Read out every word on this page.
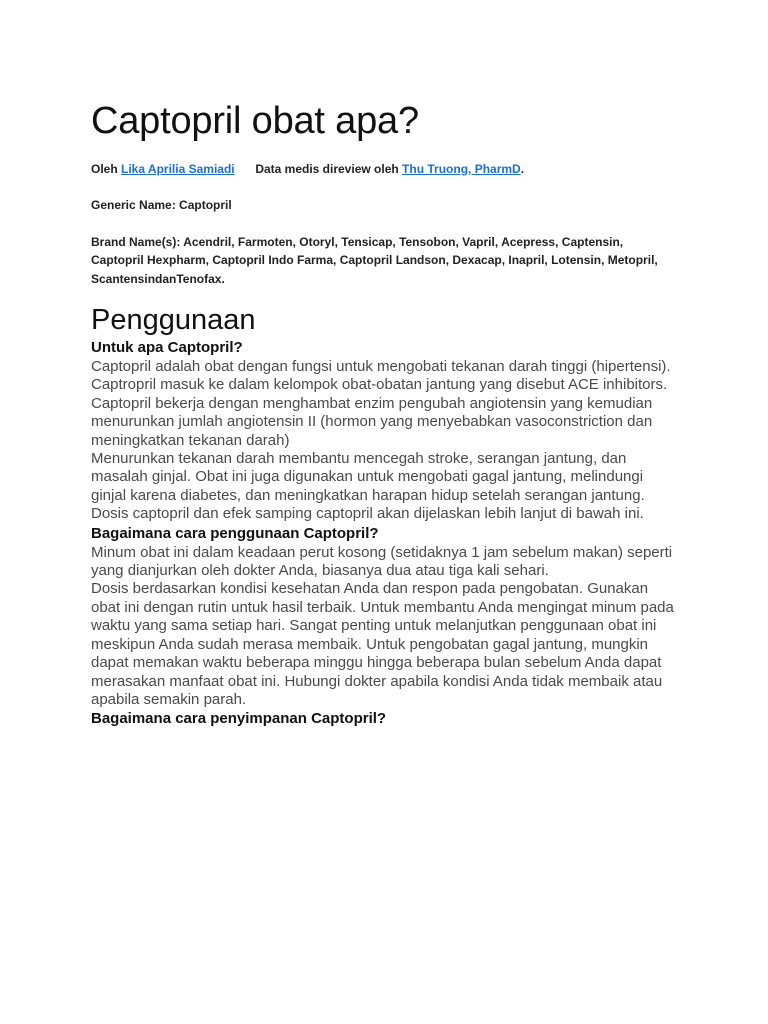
Captopril obat apa?
Oleh Lika Aprilia Samiadi Data medis direview oleh Thu Truong, PharmD.
Generic Name: Captopril
Brand Name(s): Acendril, Farmoten, Otoryl, Tensicap, Tensobon, Vapril, Acepress, Captensin, Captopril Hexpharm, Captopril Indo Farma, Captopril Landson, Dexacap, Inapril, Lotensin, Metopril, ScantensindanTenofax.
Penggunaan
Untuk apa Captopril?

Captopril adalah obat dengan fungsi untuk mengobati tekanan darah tinggi (hipertensi). Captropril masuk ke dalam kelompok obat-obatan jantung yang disebut ACE inhibitors. Captopril bekerja dengan menghambat enzim pengubah angiotensin yang kemudian menurunkan jumlah angiotensin II (hormon yang menyebabkan vasoconstriction dan meningkatkan tekanan darah)

Menurunkan tekanan darah membantu mencegah stroke, serangan jantung, dan masalah ginjal. Obat ini juga digunakan untuk mengobati gagal jantung, melindungi ginjal karena diabetes, dan meningkatkan harapan hidup setelah serangan jantung.

Dosis captopril dan efek samping captopril akan dijelaskan lebih lanjut di bawah ini.

Bagaimana cara penggunaan Captopril?

Minum obat ini dalam keadaan perut kosong (setidaknya 1 jam sebelum makan) seperti yang dianjurkan oleh dokter Anda, biasanya dua atau tiga kali sehari.

Dosis berdasarkan kondisi kesehatan Anda dan respon pada pengobatan. Gunakan obat ini dengan rutin untuk hasil terbaik. Untuk membantu Anda mengingat minum pada waktu yang sama setiap hari. Sangat penting untuk melanjutkan penggunaan obat ini meskipun Anda sudah merasa membaik. Untuk pengobatan gagal jantung, mungkin dapat memakan waktu beberapa minggu hingga beberapa bulan sebelum Anda dapat merasakan manfaat obat ini. Hubungi dokter apabila kondisi Anda tidak membaik atau apabila semakin parah.

Bagaimana cara penyimpanan Captopril?
